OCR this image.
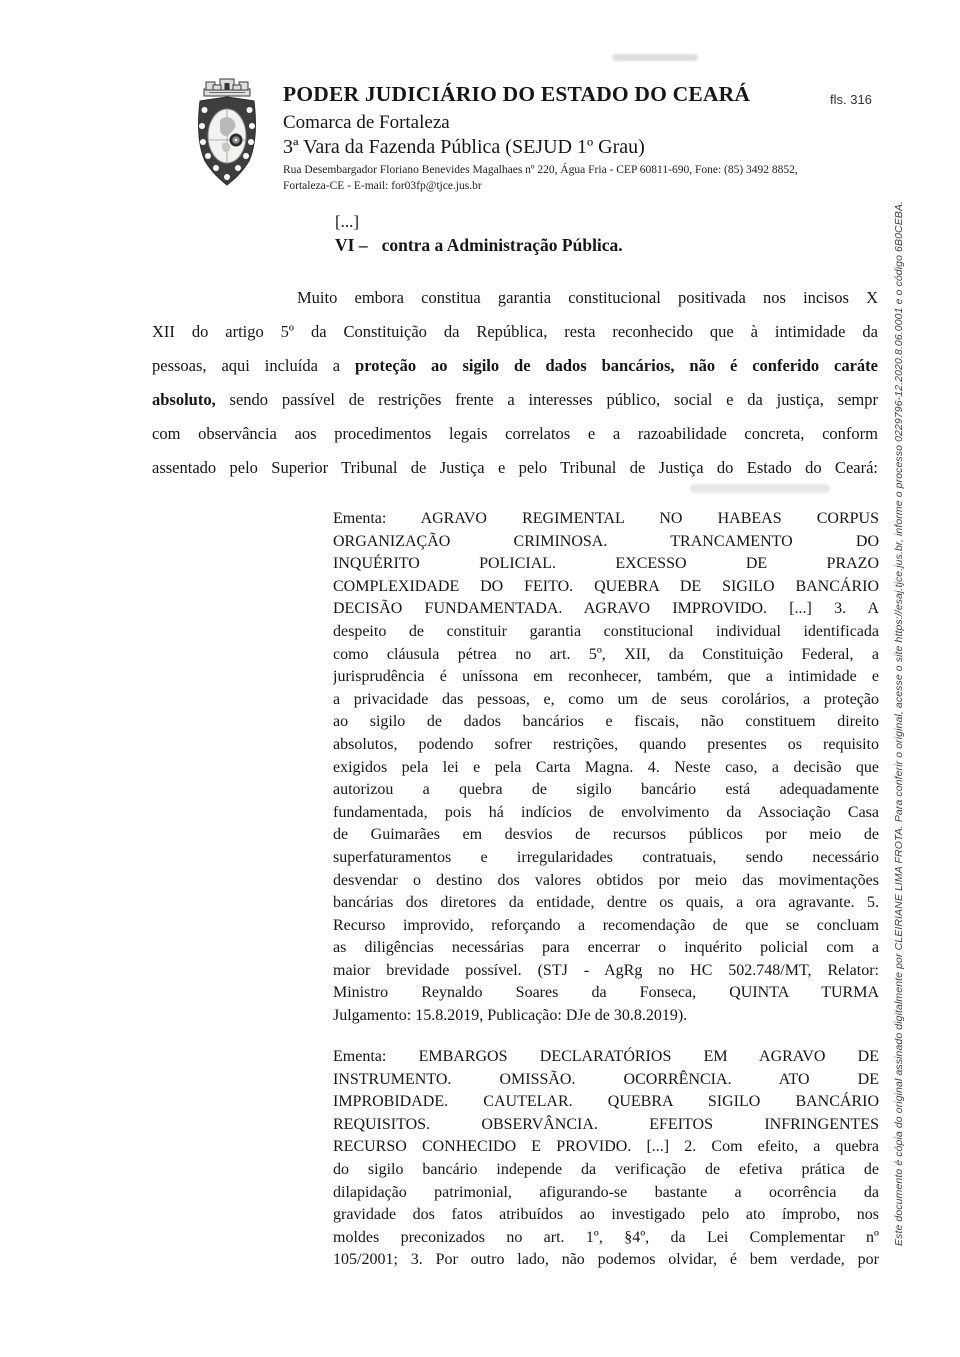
PODER JUDICIÁRIO DO ESTADO DO CEARÁ
Comarca de Fortaleza
3ª Vara da Fazenda Pública (SEJUD 1º Grau)
Rua Desembargador Floriano Benevides Magalhaes nº 220, Água Fria - CEP 60811-690, Fone: (85) 3492 8852,
Fortaleza-CE - E-mail: for03fp@tjce.jus.br
fls. 316
[...]
VI – contra a Administração Pública.
Muito embora constitua garantia constitucional positivada nos incisos X
XII do artigo 5º da Constituição da República, resta reconhecido que à intimidade da
pessoas, aqui incluída a proteção ao sigilo de dados bancários, não é conferido caráte
absoluto, sendo passível de restrições frente a interesses público, social e da justiça, sempr
com observância aos procedimentos legais correlatos e a razoabilidade concreta, conform
assentado pelo Superior Tribunal de Justiça e pelo Tribunal de Justiça do Estado do Ceará:
Ementa: AGRAVO REGIMENTAL NO HABEAS CORPUS
ORGANIZAÇÃO CRIMINOSA. TRANCAMENTO DO
INQUÉRITO POLICIAL. EXCESSO DE PRAZO
COMPLEXIDADE DO FEITO. QUEBRA DE SIGILO BANCÁRIO
DECISÃO FUNDAMENTADA. AGRAVO IMPROVIDO. [...] 3. A
despeito de constituir garantia constitucional individual identificada
como cláusula pétrea no art. 5º, XII, da Constituição Federal, a
jurisprudência é uníssona em reconhecer, também, que a intimidade e
a privacidade das pessoas, e, como um de seus corolários, a proteção
ao sigilo de dados bancários e fiscais, não constituem direito
absolutos, podendo sofrer restrições, quando presentes os requisito
exigidos pela lei e pela Carta Magna. 4. Neste caso, a decisão que
autorizou a quebra de sigilo bancário está adequadamente
fundamentada, pois há indícios de envolvimento da Associação Casa
de Guimarães em desvios de recursos públicos por meio de
superfaturamentos e irregularidades contratuais, sendo necessário
desvendar o destino dos valores obtidos por meio das movimentações
bancárias dos diretores da entidade, dentre os quais, a ora agravante. 5.
Recurso improvido, reforçando a recomendação de que se concluam
as diligências necessárias para encerrar o inquérito policial com a
maior brevidade possível. (STJ - AgRg no HC 502.748/MT, Relator:
Ministro Reynaldo Soares da Fonseca, QUINTA TURMA
Julgamento: 15.8.2019, Publicação: DJe de 30.8.2019).
Ementa: EMBARGOS DECLARATÓRIOS EM AGRAVO DE
INSTRUMENTO. OMISSÃO. OCORRÊNCIA. ATO DE
IMPROBIDADE. CAUTELAR. QUEBRA SIGILO BANCÁRIO
REQUISITOS. OBSERVÂNCIA. EFEITOS INFRINGENTES
RECURSO CONHECIDO E PROVIDO. [...] 2. Com efeito, a quebra
do sigilo bancário independe da verificação de efetiva prática de
dilapidação patrimonial, afigurando-se bastante a ocorrência da
gravidade dos fatos atribuídos ao investigado pelo ato ímprobo, nos
moldes preconizados no art. 1º, §4º, da Lei Complementar nº
105/2001; 3. Por outro lado, não podemos olvidar, é bem verdade, por
Este documento é cópia do original assinado digitalmente por CLEIRIANE LIMA FROTA. Para conferir o original, acesse o site https://esaj.tjce.jus.br, informe o processo 0229796-12.2020.8.06.0001 e o código 6B0CEBA.
